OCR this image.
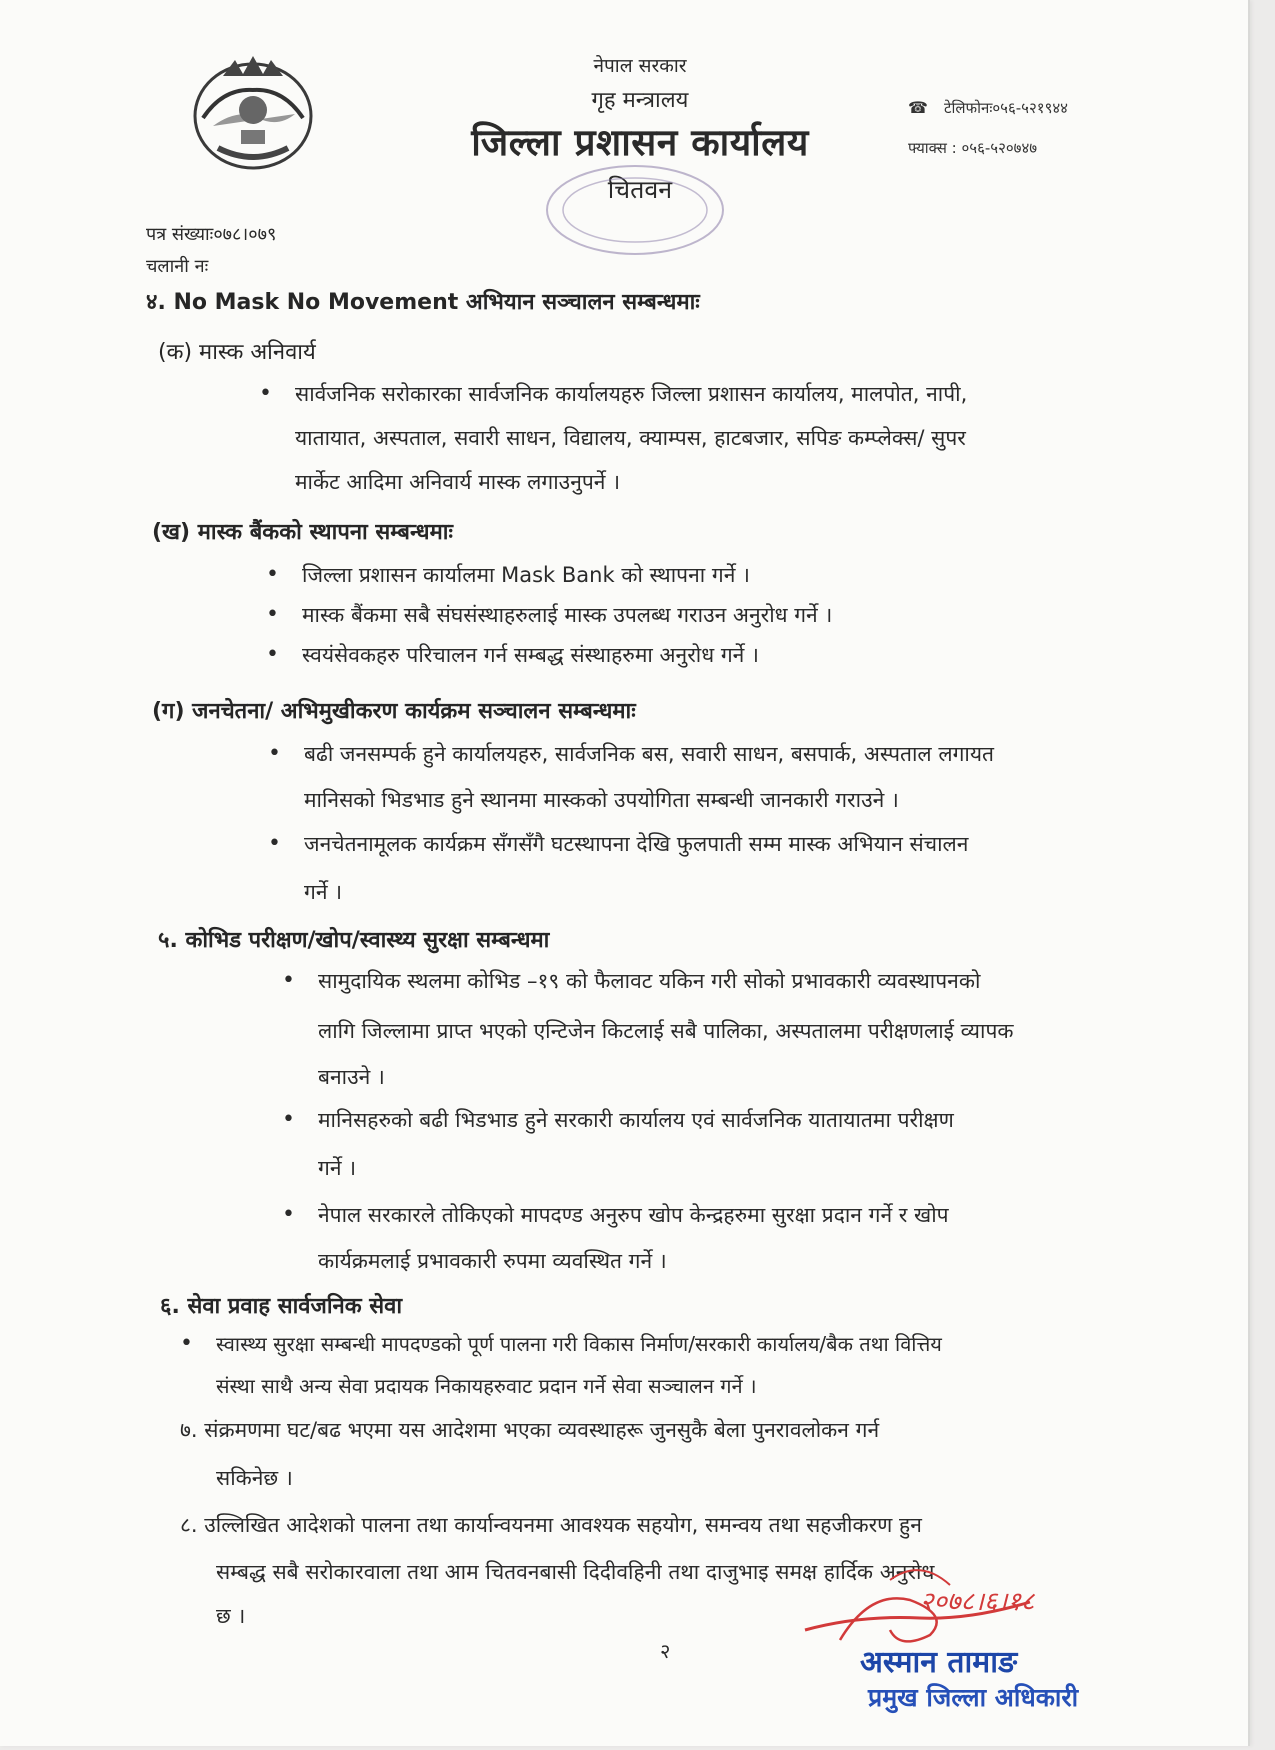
नेपाल सरकार
गृह मन्त्रालय
जिल्ला प्रशासन कार्यालय
चितवन
☎ टेलिफोनः०५६-५२१९४४
फ्याक्स : ०५६-५२०७४७
पत्र संख्याः०७८।०७९
चलानी नः
४. No Mask No Movement अभियान सञ्चालन सम्बन्धमाः
(क) मास्क अनिवार्य
• सार्वजनिक सरोकारका सार्वजनिक कार्यालयहरु जिल्ला प्रशासन कार्यालय, मालपोत, नापी,
यातायात, अस्पताल, सवारी साधन, विद्यालय, क्याम्पस, हाटबजार, सपिङ कम्प्लेक्स/ सुपर
मार्केट आदिमा अनिवार्य मास्क लगाउनुपर्ने ।
(ख) मास्क बैंकको स्थापना सम्बन्धमाः
• जिल्ला प्रशासन कार्यालमा Mask Bank को स्थापना गर्ने ।
• मास्क बैंकमा सबै संघसंस्थाहरुलाई मास्क उपलब्ध गराउन अनुरोध गर्ने ।
• स्वयंसेवकहरु परिचालन गर्न सम्बद्ध संस्थाहरुमा अनुरोध गर्ने ।
(ग) जनचेतना/ अभिमुखीकरण कार्यक्रम सञ्चालन सम्बन्धमाः
• बढी जनसम्पर्क हुने कार्यालयहरु, सार्वजनिक बस, सवारी साधन, बसपार्क, अस्पताल लगायत
मानिसको भिडभाड हुने स्थानमा मास्कको उपयोगिता सम्बन्धी जानकारी गराउने ।
• जनचेतनामूलक कार्यक्रम सँगसँगै घटस्थापना देखि फुलपाती सम्म मास्क अभियान संचालन
गर्ने ।
५. कोभिड परीक्षण/खोप/स्वास्थ्य सुरक्षा सम्बन्धमा
• सामुदायिक स्थलमा कोभिड –१९ को फैलावट यकिन गरी सोको प्रभावकारी व्यवस्थापनको
लागि जिल्लामा प्राप्त भएको एन्टिजेन किटलाई सबै पालिका, अस्पतालमा परीक्षणलाई व्यापक
बनाउने ।
• मानिसहरुको बढी भिडभाड हुने सरकारी कार्यालय एवं सार्वजनिक यातायातमा परीक्षण
गर्ने ।
• नेपाल सरकारले तोकिएको मापदण्ड अनुरुप खोप केन्द्रहरुमा सुरक्षा प्रदान गर्ने र खोप
कार्यक्रमलाई प्रभावकारी रुपमा व्यवस्थित गर्ने ।
६. सेवा प्रवाह सार्वजनिक सेवा
• स्वास्थ्य सुरक्षा सम्बन्धी मापदण्डको पूर्ण पालना गरी विकास निर्माण/सरकारी कार्यालय/बैक तथा वित्तिय
संस्था साथै अन्य सेवा प्रदायक निकायहरुवाट प्रदान गर्ने सेवा सञ्चालन गर्ने ।
७. संक्रमणमा घट/बढ भएमा यस आदेशमा भएका व्यवस्थाहरू जुनसुकै बेला पुनरावलोकन गर्न
सकिनेछ ।
८. उल्लिखित आदेशको पालना तथा कार्यान्वयनमा आवश्यक सहयोग, समन्वय तथा सहजीकरण हुन
सम्बद्ध सबै सरोकारवाला तथा आम चितवनबासी दिदीवहिनी तथा दाजुभाइ समक्ष हार्दिक अनुरोध
छ ।	२०७८।६।१८
अस्मान तामाङ
प्रमुख जिल्ला अधिकारी
२
